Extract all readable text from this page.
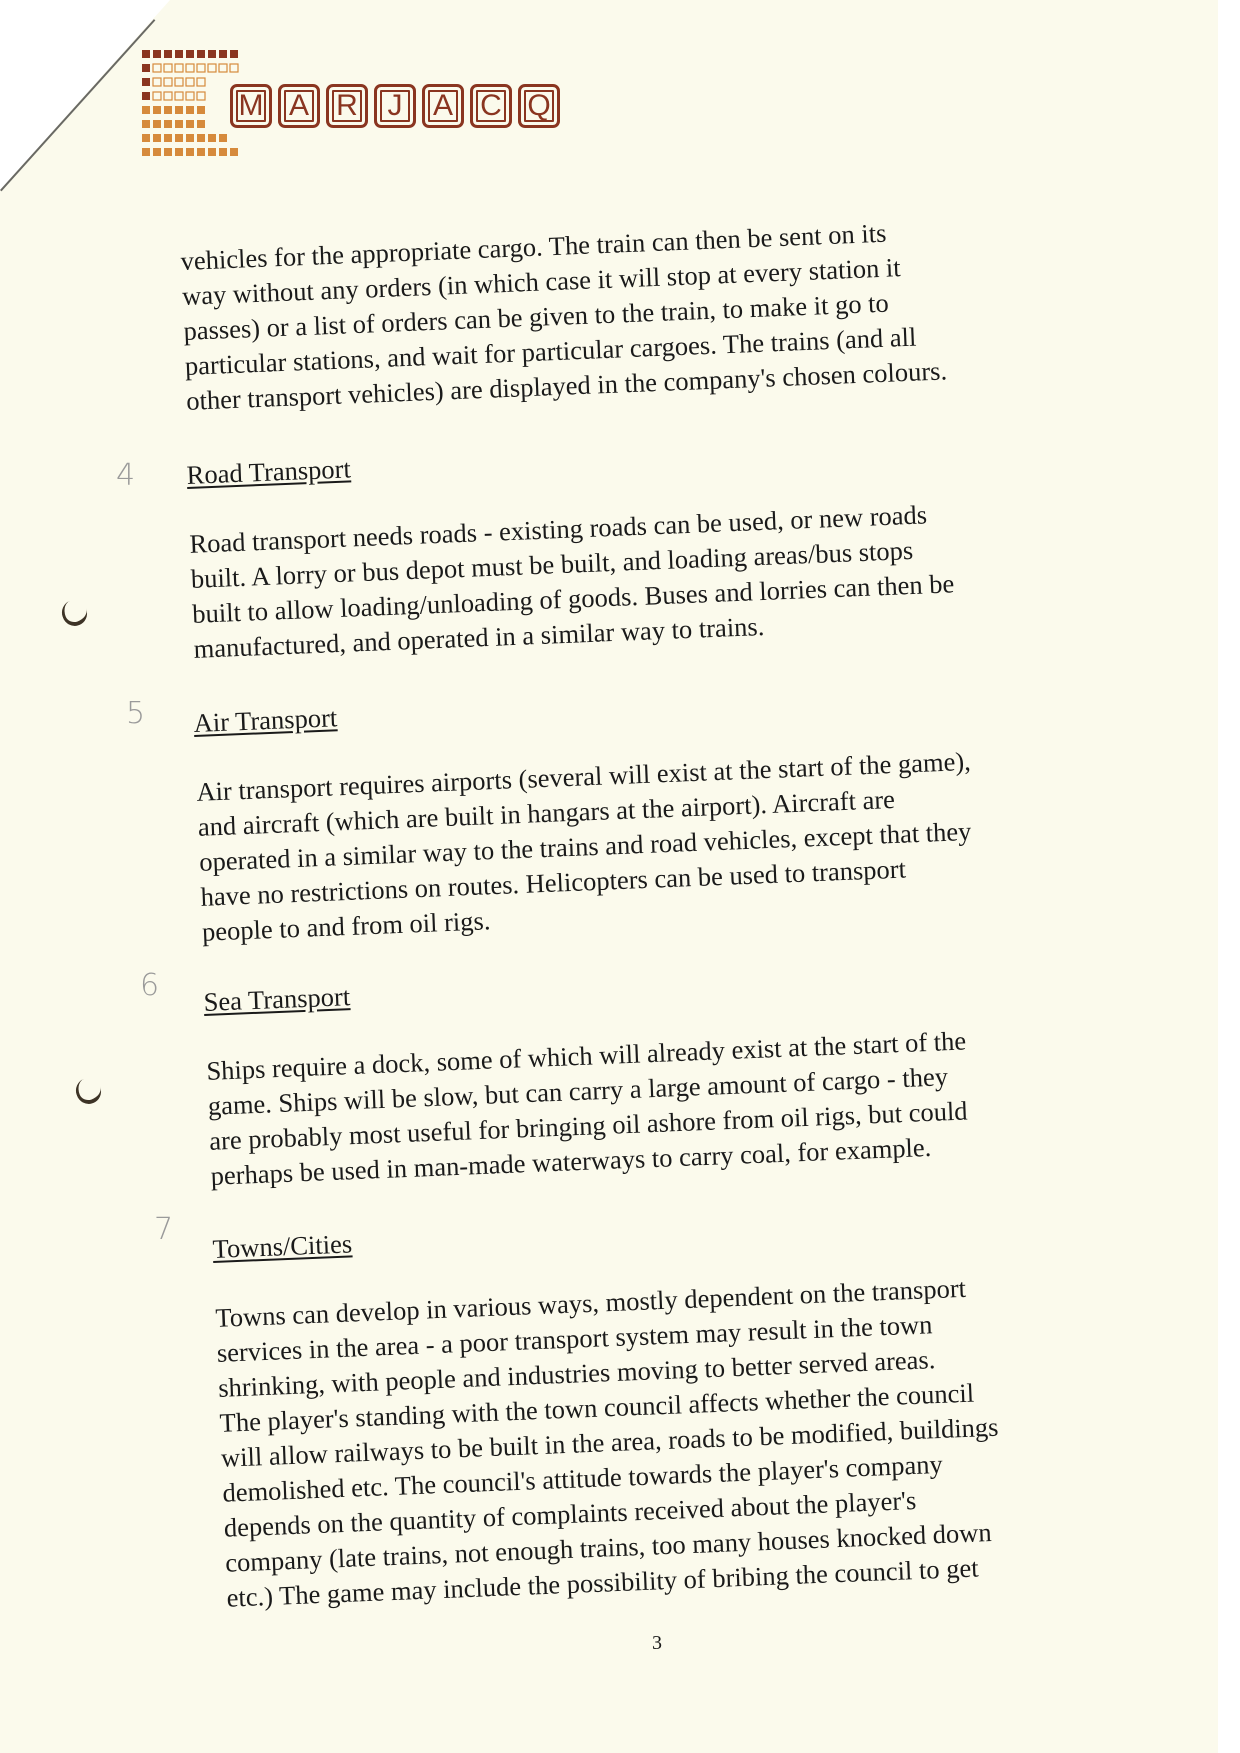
M A R J	A C Q

vehicles for the appropriate cargo. The train can then be sent on its
way without any orders (in which case it will stop at every station it
passes) or a list of orders can be given to the train, to make it go to
particular stations, and wait for particular cargoes. The trains (and all
other transport vehicles) are displayed in the company's chosen colours.

4 Road Transport

Road transport needs roads - existing roads can be used, or new roads
built. A lorry or bus depot must be built, and loading areas/bus stops
built to allow loading/unloading of goods. Buses and lorries can then be
manufactured, and operated in a similar way to trains.

5 Air Transport

Air transport requires airports (several will exist at the start of the game),
and aircraft (which are built in hangars at the airport). Aircraft are
operated in a similar way to the trains and road vehicles, except that they
have no restrictions on routes. Helicopters can be used to transport
people to and from oil rigs.

6 Sea Transport

Ships require a dock, some of which will already exist at the start of the
game. Ships will be slow, but can carry a large amount of cargo - they
are probably most useful for bringing oil ashore from oil rigs, but could
perhaps be used in man-made waterways to carry coal, for example.

7 Towns/Cities

Towns can develop in various ways, mostly dependent on the transport
services in the area - a poor transport system may result in the town
shrinking, with people and industries moving to better served areas.
The player's standing with the town council affects whether the council
will allow railways to be built in the area, roads to be modified, buildings
demolished etc. The council's attitude towards the player's company
depends on the quantity of complaints received about the player's
company (late trains, not enough trains, too many houses knocked down
etc.) The game may include the possibility of bribing the council to get

3
